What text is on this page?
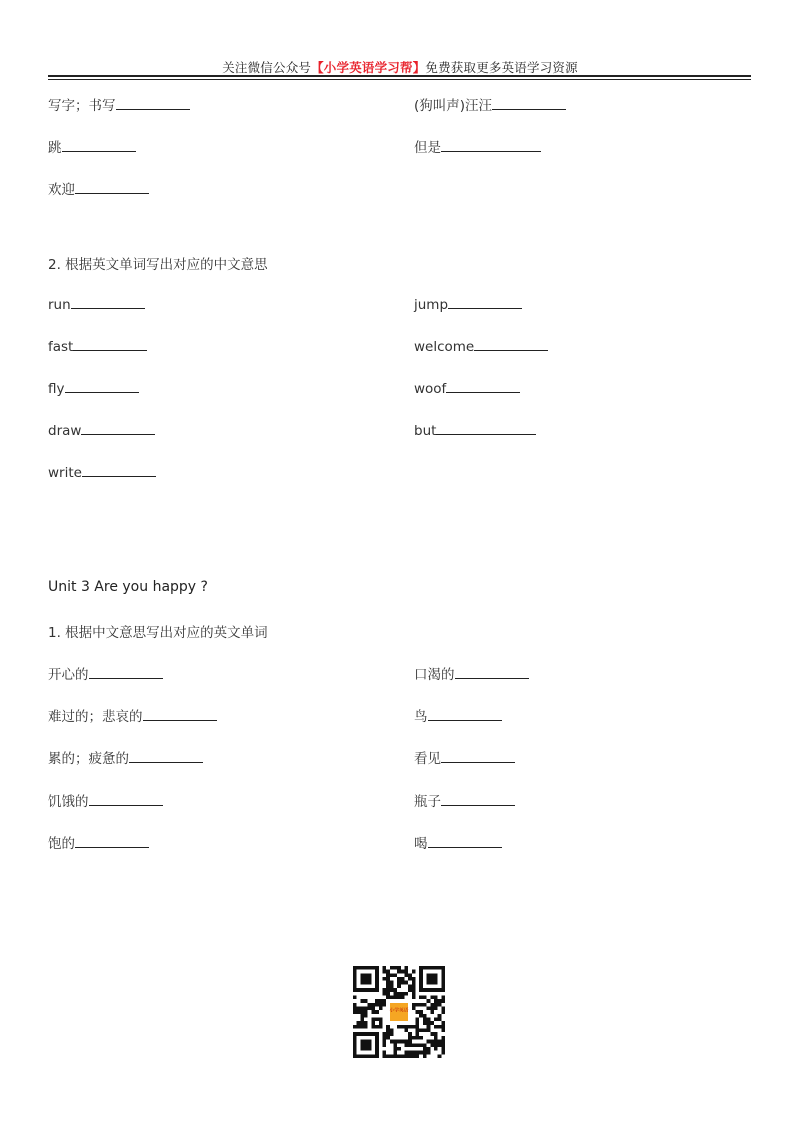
关注微信公众号【小学英语学习帮】免费获取更多英语学习资源
写字；书写	(狗叫声)汪汪
跳	但是
欢迎
2. 根据英文单词写出对应的中文意思
run	jump
fast	welcome
fly	woof
draw	but
write
Unit 3 Are you happy ?
1. 根据中文意思写出对应的英文单词
开心的	口渴的
难过的；悲哀的	鸟
累的；疲惫的	看见
饥饿的	瓶子
饱的	喝
小学英语
